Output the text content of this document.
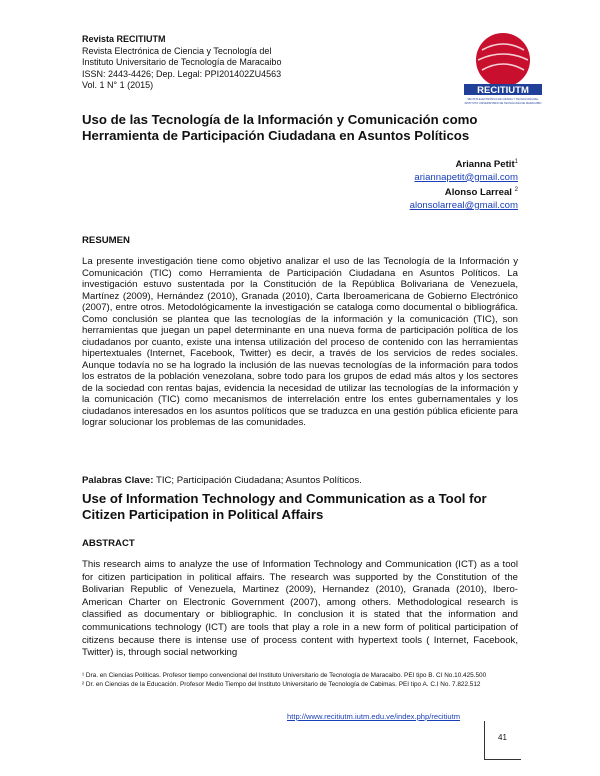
Revista RECITIUTM
Revista Electrónica de Ciencia y Tecnología del
Instituto Universitario de Tecnología de Maracaibo
ISSN: 2443-4426; Dep. Legal: PPI201402ZU4563
Vol. 1 N° 1 (2015)	RECITIUTM
REVISTA ELECTRÓNICA DE CIENCIA Y TECNOLOGÍA DEL
INSTITUTO UNIVERSITARIO DE TECNOLOGÍA DE MARACAIBO
Uso de las Tecnología de la Información y Comunicación como Herramienta de Participación Ciudadana en Asuntos Políticos
Arianna Petit$^1$
ariannapetit@gmail.com
Alonso Larreal $^2$
alonsolarreal@gmail.com
RESUMEN
La presente investigación tiene como objetivo analizar el uso de las Tecnología de la Información y Comunicación (TIC) como Herramienta de Participación Ciudadana en Asuntos Políticos. La investigación estuvo sustentada por la Constitución de la República Bolivariana de Venezuela, Martínez (2009), Hernández (2010), Granada (2010), Carta Iberoamericana de Gobierno Electrónico (2007), entre otros. Metodológicamente la investigación se cataloga como documental o bibliográfica. Como conclusión se plantea que las tecnologías de la información y la comunicación (TIC), son herramientas que juegan un papel determinante en una nueva forma de participación política de los ciudadanos por cuanto, existe una intensa utilización del proceso de contenido con las herramientas hipertextuales (Internet, Facebook, Twitter) es decir, a través de los servicios de redes sociales. Aunque todavía no se ha logrado la inclusión de las nuevas tecnologías de la información para todos los estratos de la población venezolana, sobre todo para los grupos de edad más altos y los sectores de la sociedad con rentas bajas, evidencia la necesidad de utilizar las tecnologías de la información y la comunicación (TIC) como mecanismos de interrelación entre los entes gubernamentales y los ciudadanos interesados en los asuntos políticos que se traduzca en una gestión pública eficiente para lograr solucionar los problemas de las comunidades.
Palabras Clave: TIC; Participación Ciudadana; Asuntos Políticos.
Use of Information Technology and Communication as a Tool for Citizen Participation in Political Affairs
ABSTRACT
This research aims to analyze the use of Information Technology and Communication (ICT) as a tool for citizen participation in political affairs. The research was supported by the Constitution of the Bolivarian Republic of Venezuela, Martinez (2009), Hernandez (2010), Granada (2010), Ibero-American Charter on Electronic Government (2007), among others. Methodological research is classified as documentary or bibliographic. In conclusion it is stated that the information and communications technology (ICT) are tools that play a role in a new form of political participation of citizens because there is intense use of process content with hypertext tools ( Internet, Facebook, Twitter) is, through social networking
¹ Dra. en Ciencias Políticas. Profesor tiempo convencional del Instituto Universitario de Tecnología de Maracaibo. PEI tipo B. CI No.10.425.500
² Dr. en Ciencias de la Educación. Profesor Medio Tiempo del Instituto Universitario de Tecnología de Cabimas. PEI tipo A. C.I No. 7.822.512
http://www.recitiutm.iutm.edu.ve/index.php/recitiutm
41
